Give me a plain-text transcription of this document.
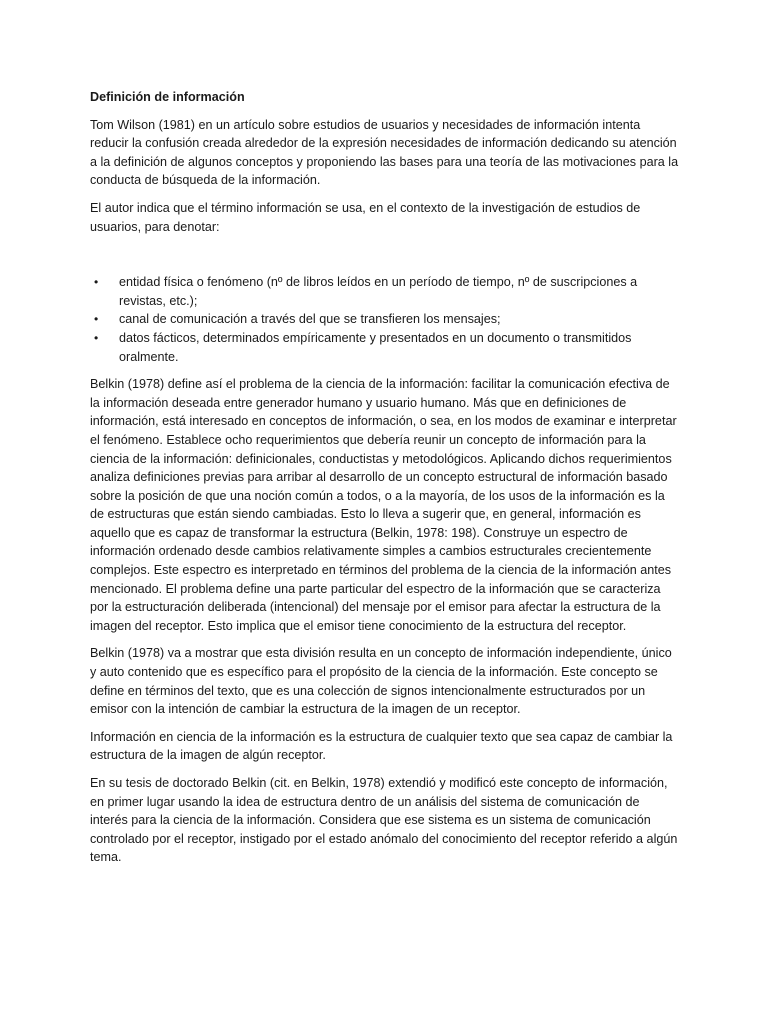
Definición de información

Tom Wilson (1981) en un artículo sobre estudios de usuarios y necesidades de información intenta reducir la confusión creada alrededor de la expresión necesidades de información dedicando su atención a la definición de algunos conceptos y proponiendo las bases para una teoría de las motivaciones para la conducta de búsqueda de la información.

El autor indica que el término información se usa, en el contexto de la investigación de estudios de usuarios, para denotar:

• entidad física o fenómeno (nº de libros leídos en un período de tiempo, nº de suscripciones a revistas, etc.);
• canal de comunicación a través del que se transfieren los mensajes;
• datos fácticos, determinados empíricamente y presentados en un documento o transmitidos oralmente.

Belkin (1978) define así el problema de la ciencia de la información: facilitar la comunicación efectiva de la información deseada entre generador humano y usuario humano. Más que en definiciones de información, está interesado en conceptos de información, o sea, en los modos de examinar e interpretar el fenómeno. Establece ocho requerimientos que debería reunir un concepto de información para la ciencia de la información: definicionales, conductistas y metodológicos. Aplicando dichos requerimientos analiza definiciones previas para arribar al desarrollo de un concepto estructural de información basado sobre la posición de que una noción común a todos, o a la mayoría, de los usos de la información es la de estructuras que están siendo cambiadas. Esto lo lleva a sugerir que, en general, información es aquello que es capaz de transformar la estructura (Belkin, 1978: 198). Construye un espectro de información ordenado desde cambios relativamente simples a cambios estructurales crecientemente complejos. Este espectro es interpretado en términos del problema de la ciencia de la información antes mencionado. El problema define una parte particular del espectro de la información que se caracteriza por la estructuración deliberada (intencional) del mensaje por el emisor para afectar la estructura de la imagen del receptor. Esto implica que el emisor tiene conocimiento de la estructura del receptor.

Belkin (1978) va a mostrar que esta división resulta en un concepto de información independiente, único y auto contenido que es específico para el propósito de la ciencia de la información. Este concepto se define en términos del texto, que es una colección de signos intencionalmente estructurados por un emisor con la intención de cambiar la estructura de la imagen de un receptor.

Información en ciencia de la información es la estructura de cualquier texto que sea capaz de cambiar la estructura de la imagen de algún receptor.

En su tesis de doctorado Belkin (cit. en Belkin, 1978) extendió y modificó este concepto de información, en primer lugar usando la idea de estructura dentro de un análisis del sistema de comunicación de interés para la ciencia de la información. Considera que ese sistema es un sistema de comunicación controlado por el receptor, instigado por el estado anómalo del conocimiento del receptor referido a algún tema.
